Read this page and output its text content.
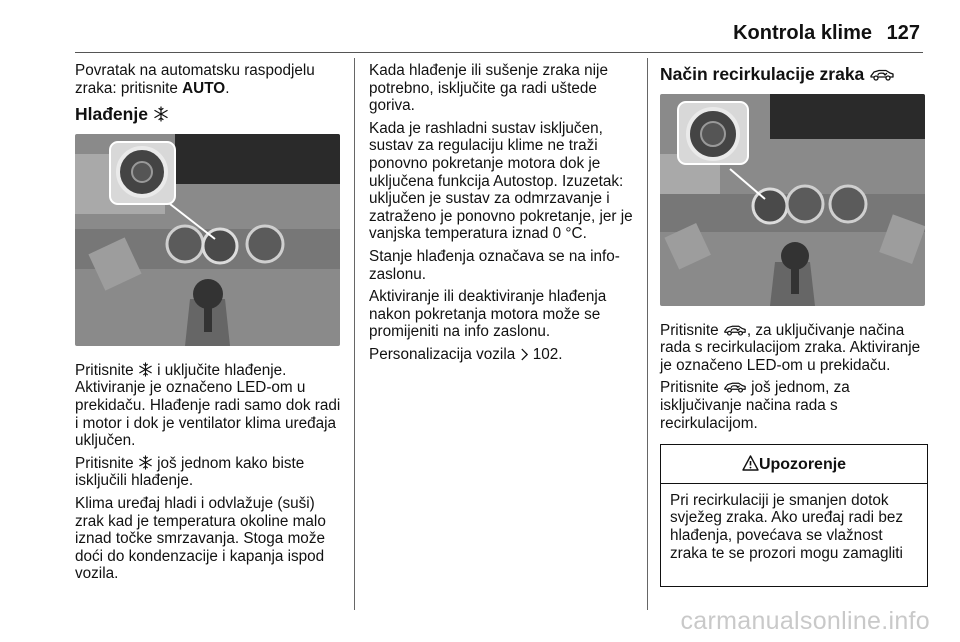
Kontrola klime 127

Povratak na automatsku raspodjelu zraka: pritisnite AUTO.

Hlađenje

Pritisnite  i uključite hlađenje. Aktiviranje je označeno LED-om u prekidaču. Hlađenje radi samo dok radi i motor i dok je ventilator klima uređaja uključen.

Pritisnite  još jednom kako biste isključili hlađenje.

Klima uređaj hladi i odvlažuje (suši) zrak kad je temperatura okoline malo iznad točke smrzavanja. Stoga može doći do kondenzacije i kapanja ispod vozila.

Kada hlađenje ili sušenje zraka nije potrebno, isključite ga radi uštede goriva.

Kada je rashladni sustav isključen, sustav za regulaciju klime ne traži ponovno pokretanje motora dok je uključena funkcija Autostop. Izuzetak: uključen je sustav za odmrzavanje i zatraženo je ponovno pokretanje, jer je vanjska temperatura iznad 0 °C.

Stanje hlađenja označava se na info-zaslonu.

Aktiviranje ili deaktiviranje hlađenja nakon pokretanja motora može se promijeniti na info zaslonu.

Personalizacija vozila  102.

Način recirkulacije zraka

Pritisnite , za uključivanje načina rada s recirkulacijom zraka. Aktiviranje je označeno LED-om u prekidaču.

Pritisnite  još jednom, za isključivanje načina rada s recirkulacijom.

Upozorenje
Pri recirkulaciji je smanjen dotok svježeg zraka. Ako uređaj radi bez hlađenja, povećava se vlažnost zraka te se prozori mogu zamagliti
carmanualsonline.info
